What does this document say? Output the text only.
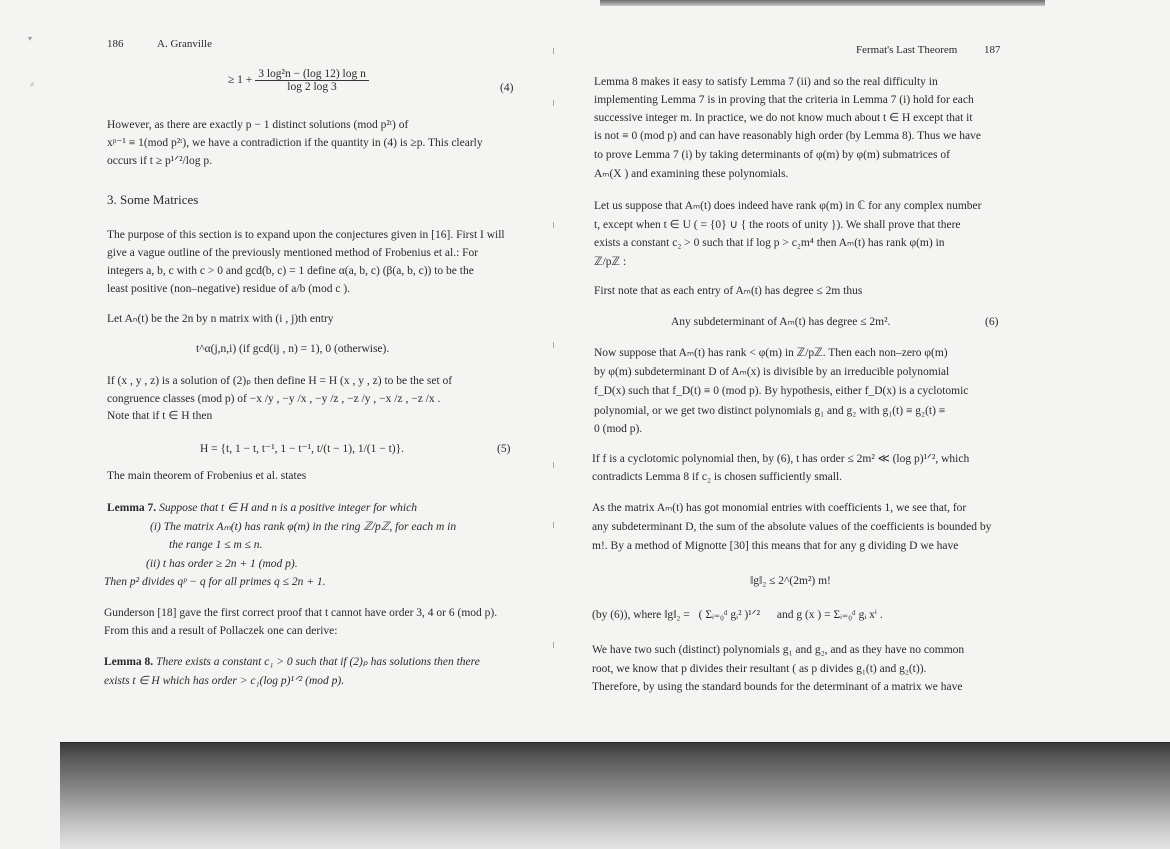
▾
≠
186	A. Granville
≥ $1 + \frac{\text{3 log²n − (log 12) log n}}{\log 2 \log 3}$	(4)
However, as there are exactly p − 1 distinct solutions (mod p²ᵗ) of
xᵖ⁻¹ ≡ 1(mod p²ᵗ), we have a contradiction if the quantity in (4) is ≥p. This clearly
occurs if t ≥ p¹ᐟ²/log p.
3. Some Matrices
The purpose of this section is to expand upon the conjectures given in [16]. First I will
give a vague outline of the previously mentioned method of Frobenius et al.: For
integers a, b, c with c > 0 and gcd(b, c) = 1 define α(a, b, c) (β(a, b, c)) to be the
least positive (non–negative) residue of a/b (mod c ).
Let Aₙ(t) be the 2n by n matrix with (i , j)th entry
t^α(j,n,i) (if gcd(ij , n) = 1), 0 (otherwise).
If (x , y , z) is a solution of (2)ₚ then define H = H (x , y , z) to be the set of
congruence classes (mod p) of −x /y , −y /x , −y /z , −z /y , −x /z , −z /x .
Note that if t ∈ H then
H = {t, 1 − t, t⁻¹, 1 − t⁻¹, t/(t − 1), 1/(1 − t)}.	(5)
The main theorem of Frobenius et al. states
Lemma 7. Suppose that t ∈ H and n is a positive integer for which
(i) The matrix Aₘ(t) has rank φ(m) in the ring ℤ/pℤ, for each m in
the range 1 ≤ m ≤ n.
(ii) t has order ≥ 2n + 1 (mod p).
Then p² divides qᵖ − q for all primes q ≤ 2n + 1.
Gunderson [18] gave the first correct proof that t cannot have order 3, 4 or 6 (mod p).
From this and a result of Pollaczek one can derive:
Lemma 8. There exists a constant c₁ > 0 such that if (2)ₚ has solutions then there
exists t ∈ H which has order > c₁(log p)¹ᐟ² (mod p).
Fermat's Last Theorem 187
Lemma 8 makes it easy to satisfy Lemma 7 (ii) and so the real difficulty in
implementing Lemma 7 is in proving that the criteria in Lemma 7 (i) hold for each
successive integer m. In practice, we do not know much about t ∈ H except that it
is not ≡ 0 (mod p) and can have reasonably high order (by Lemma 8). Thus we have
to prove Lemma 7 (i) by taking determinants of φ(m) by φ(m) submatrices of
Aₘ(X ) and examining these polynomials.
Let us suppose that Aₘ(t) does indeed have rank φ(m) in ℂ for any complex number
t, except when t ∈ U ( = {0} ∪ { the roots of unity }). We shall prove that there
exists a constant c₂ > 0 such that if log p > c₂m⁴ then Aₘ(t) has rank φ(m) in
ℤ/pℤ :
First note that as each entry of Aₘ(t) has degree ≤ 2m thus
Any subdeterminant of Aₘ(t) has degree ≤ 2m².	(6)
Now suppose that Aₘ(t) has rank < φ(m) in ℤ/pℤ. Then each non–zero φ(m)
by φ(m) subdeterminant D of Aₘ(x) is divisible by an irreducible polynomial
f_D(x) such that f_D(t) ≡ 0 (mod p). By hypothesis, either f_D(x) is a cyclotomic
polynomial, or we get two distinct polynomials g₁ and g₂ with g₁(t) ≡ g₂(t) ≡
0 (mod p).
If f is a cyclotomic polynomial then, by (6), t has order ≤ 2m² ≪ (log p)¹ᐟ², which
contradicts Lemma 8 if c₂ is chosen sufficiently small.
As the matrix Aₘ(t) has got monomial entries with coefficients 1, we see that, for
any subdeterminant D, the sum of the absolute values of the coefficients is bounded by
m!. By a method of Mignotte [30] this means that for any g dividing D we have
‖g‖₂ ≤ 2^(2m²) m!
(by (6)), where ‖g‖₂ = ( Σᵢ₌₀ᵈ gᵢ² )¹ᐟ² and g (x ) = Σᵢ₌₀ᵈ gᵢ xⁱ .
We have two such (distinct) polynomials g₁ and g₂, and as they have no common
root, we know that p divides their resultant ( as p divides g₁(t) and g₂(t)).
Therefore, by using the standard bounds for the determinant of a matrix we have
